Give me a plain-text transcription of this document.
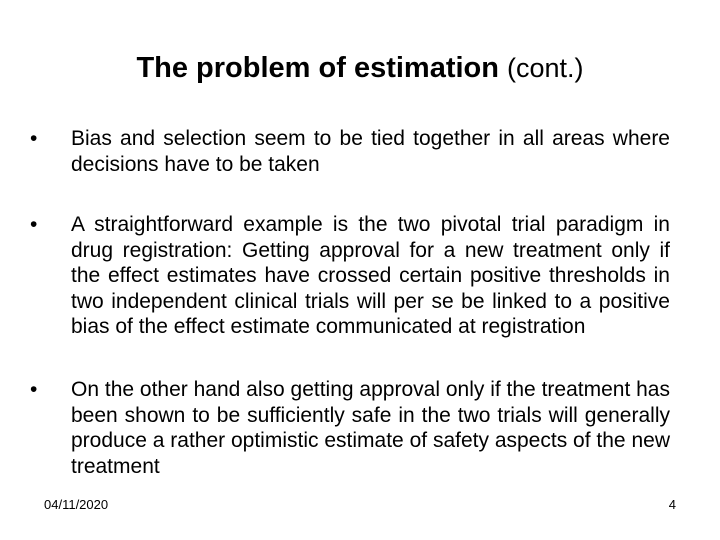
The problem of estimation (cont.)
•	Bias and selection seem to be tied together in all areas where decisions have to be taken
•	A straightforward example is the two pivotal trial paradigm in drug registration: Getting approval for a new treatment only if the effect estimates have crossed certain positive thresholds in two independent clinical trials will per se be linked to a positive bias of the effect estimate communicated at registration
•	On the other hand also getting approval only if the treatment has been shown to be sufficiently safe in the two trials will generally produce a rather optimistic estimate of safety aspects of the new treatment
04/11/2020	4
